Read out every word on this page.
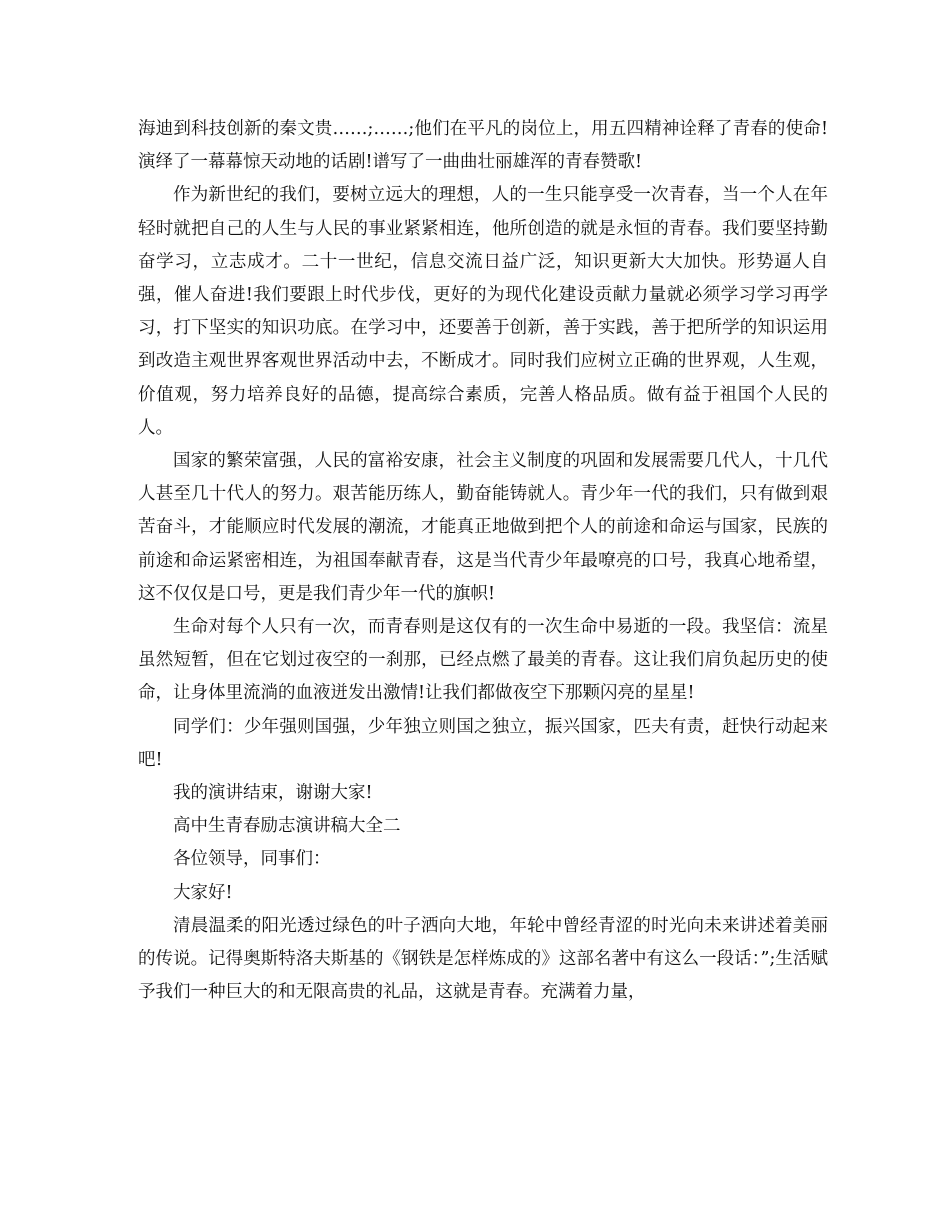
海迪到科技创新的秦文贵……;……;他们在平凡的岗位上，用五四精神诠释了青春的使命!演绎了一幕幕惊天动地的话剧!谱写了一曲曲壮丽雄浑的青春赞歌!

作为新世纪的我们，要树立远大的理想，人的一生只能享受一次青春，当一个人在年轻时就把自己的人生与人民的事业紧紧相连，他所创造的就是永恒的青春。我们要坚持勤奋学习，立志成才。二十一世纪，信息交流日益广泛，知识更新大大加快。形势逼人自强，催人奋进!我们要跟上时代步伐，更好的为现代化建设贡献力量就必须学习学习再学习，打下坚实的知识功底。在学习中，还要善于创新，善于实践，善于把所学的知识运用到改造主观世界客观世界活动中去，不断成才。同时我们应树立正确的世界观，人生观，价值观，努力培养良好的品德，提高综合素质，完善人格品质。做有益于祖国个人民的人。

国家的繁荣富强，人民的富裕安康，社会主义制度的巩固和发展需要几代人，十几代人甚至几十代人的努力。艰苦能历练人，勤奋能铸就人。青少年一代的我们，只有做到艰苦奋斗，才能顺应时代发展的潮流，才能真正地做到把个人的前途和命运与国家，民族的前途和命运紧密相连，为祖国奉献青春，这是当代青少年最嘹亮的口号，我真心地希望，这不仅仅是口号，更是我们青少年一代的旗帜!

生命对每个人只有一次，而青春则是这仅有的一次生命中易逝的一段。我坚信：流星虽然短暂，但在它划过夜空的一刹那，已经点燃了最美的青春。这让我们肩负起历史的使命，让身体里流淌的血液迸发出激情!让我们都做夜空下那颗闪亮的星星!

同学们：少年强则国强，少年独立则国之独立，振兴国家，匹夫有责，赶快行动起来吧!

我的演讲结束，谢谢大家!

高中生青春励志演讲稿大全二

各位领导，同事们：

大家好!

清晨温柔的阳光透过绿色的叶子洒向大地，年轮中曾经青涩的时光向未来讲述着美丽的传说。记得奥斯特洛夫斯基的《钢铁是怎样炼成的》这部名著中有这么一段话：”;生活赋予我们一种巨大的和无限高贵的礼品，这就是青春。充满着力量，
